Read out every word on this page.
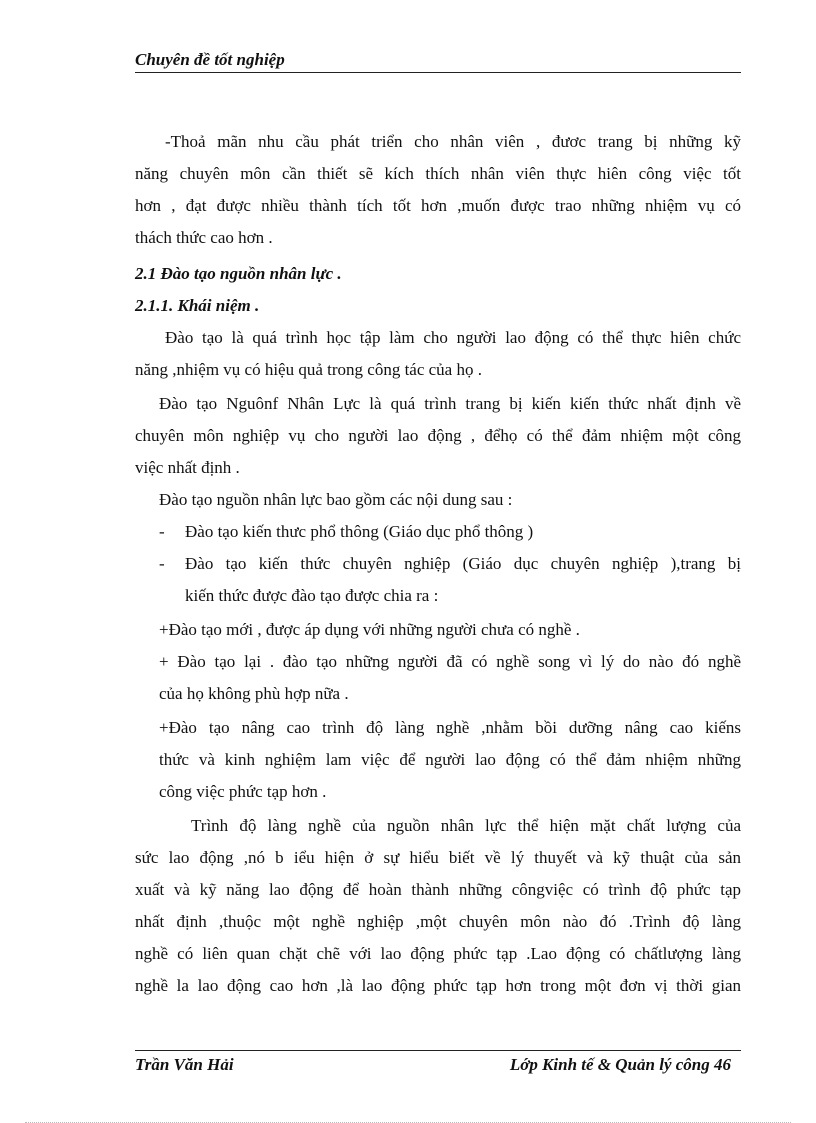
Chuyên đề tốt nghiệp
-Thoả mãn nhu cầu phát triển cho nhân viên , đươc trang bị những kỹ
năng chuyên môn cần thiết sẽ kích thích nhân viên thực hiên công việc tốt
hơn , đạt được nhiều thành tích tốt hơn ,muốn được trao những nhiệm vụ có
thách thức cao hơn .
2.1 Đào tạo nguồn nhân lực .
2.1.1. Khái niệm .
Đào tạo là quá trình học tập làm cho người lao động có thể thực hiên chức
năng ,nhiệm vụ có hiệu quả trong công tác của họ .
Đào tạo Nguônf Nhân Lực là quá trình trang bị kiến kiến thức nhất định về
chuyên môn nghiệp vụ cho người lao động , đểhọ có thể đảm nhiệm một công
việc nhất định .
Đào tạo nguồn nhân lực bao gồm các nội dung sau :
-	Đào tạo kiến thưc phổ thông (Giáo dục phổ thông )
-	Đào tạo kiến thức chuyên nghiệp (Giáo dục chuyên nghiệp ),trang bị
kiến thức được đào tạo được chia ra :
+Đào tạo mới , được áp dụng với những người chưa có nghề .
+ Đào tạo lại . đào tạo những người đã có nghề song vì lý do nào đó nghề
của họ không phù hợp nữa .
+Đào tạo nâng cao trình độ làng nghề ,nhằm bồi dưỡng nâng cao kiếns
thức và kinh nghiệm lam việc để người lao động có thể đảm nhiệm những
công việc phức tạp hơn .
Trình độ làng nghề của nguồn nhân lực thể hiện mặt chất lượng của
sức lao động ,nó b iểu hiện ở sự hiểu biết về lý thuyết và kỹ thuật của sản
xuất và kỹ năng lao động để hoàn thành những côngviệc có trình độ phức tạp
nhất định ,thuộc một nghề nghiệp ,một chuyên môn nào đó .Trình độ làng
nghề có liên quan chặt chẽ với lao động phức tạp .Lao động có chấtlượng làng
nghề la lao động cao hơn ,là lao động phức tạp hơn trong một đơn vị thời gian
Trần Văn Hải	Lớp Kinh tế & Quản lý công 46
